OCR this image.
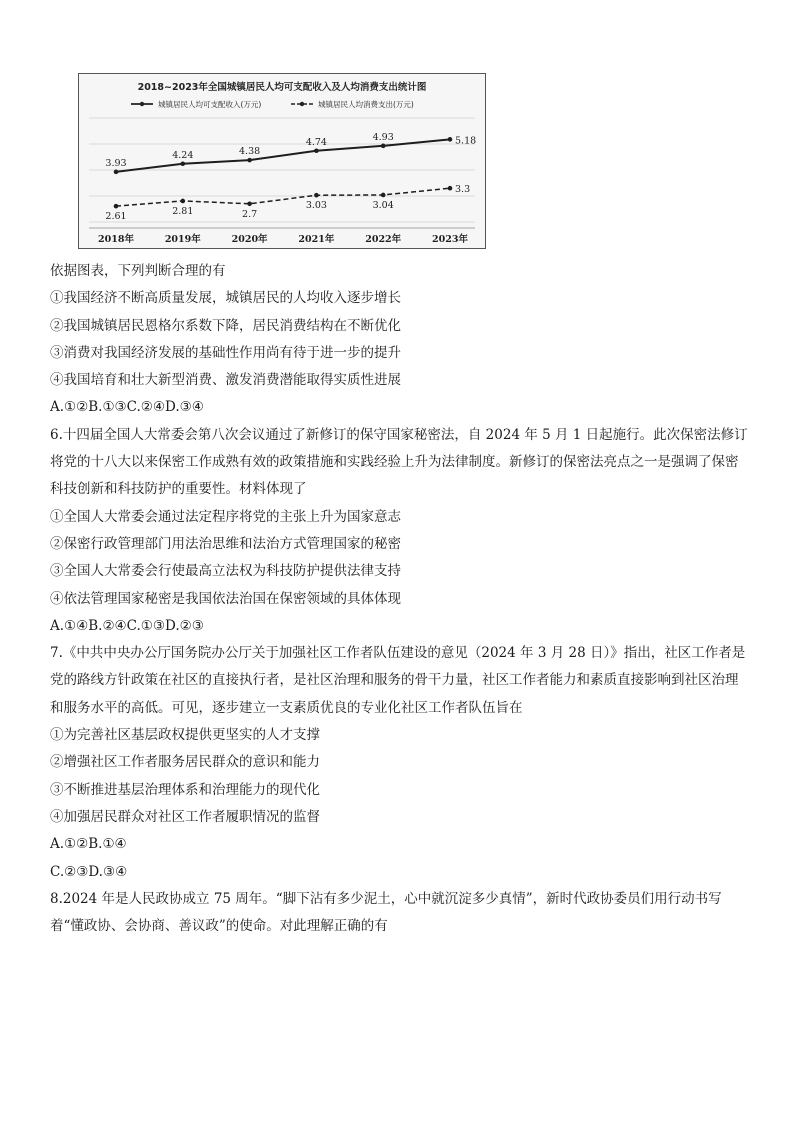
2018~2023年全国城镇居民人均可支配收入及人均消费支出统计图
城镇居民人均可支配收入(万元)	城镇居民人均消费支出(万元)
3.93
4.24	4.38
4.74	4.93	5.18
2.61	2.81	2.7
3.03	3.04
3.3
2018年	2019年	2020年	2021年	2022年	2023年
依据图表，下列判断合理的有
①我国经济不断高质量发展，城镇居民的人均收入逐步增长
②我国城镇居民恩格尔系数下降，居民消费结构在不断优化
③消费对我国经济发展的基础性作用尚有待于进一步的提升
④我国培育和壮大新型消费、激发消费潜能取得实质性进展
A.①②B.①③C.②④D.③④
6.十四届全国人大常委会第八次会议通过了新修订的保守国家秘密法，自 2024 年 5 月 1 日起施行。此次保密法修订将党的十八大以来保密工作成熟有效的政策措施和实践经验上升为法律制度。新修订的保密法亮点之一是强调了保密科技创新和科技防护的重要性。材料体现了
①全国人大常委会通过法定程序将党的主张上升为国家意志
②保密行政管理部门用法治思维和法治方式管理国家的秘密
③全国人大常委会行使最高立法权为科技防护提供法律支持
④依法管理国家秘密是我国依法治国在保密领域的具体体现
A.①④B.②④C.①③D.②③
7.《中共中央办公厅国务院办公厅关于加强社区工作者队伍建设的意见（2024 年 3 月 28 日）》指出，社区工作者是党的路线方针政策在社区的直接执行者，是社区治理和服务的骨干力量，社区工作者能力和素质直接影响到社区治理和服务水平的高低。可见，逐步建立一支素质优良的专业化社区工作者队伍旨在
①为完善社区基层政权提供更坚实的人才支撑
②增强社区工作者服务居民群众的意识和能力
③不断推进基层治理体系和治理能力的现代化
④加强居民群众对社区工作者履职情况的监督
A.①②B.①④
C.②③D.③④
8.2024 年是人民政协成立 75 周年。“脚下沾有多少泥土，心中就沉淀多少真情”，新时代政协委员们用行动书写着“懂政协、会协商、善议政”的使命。对此理解正确的有
